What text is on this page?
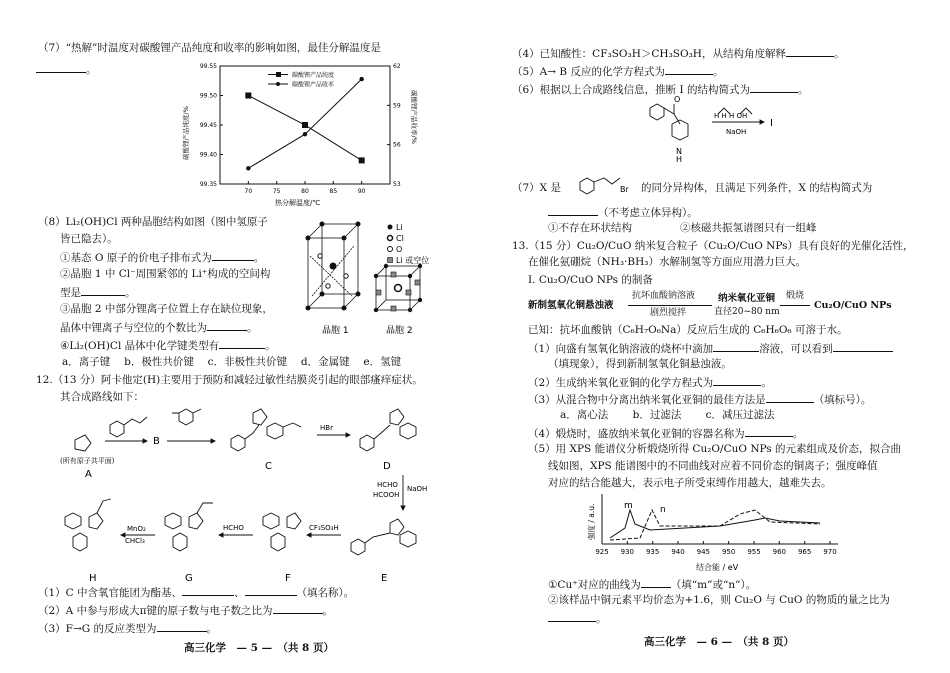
（7）“热解”时温度对碳酸锂产品纯度和收率的影响如图，最佳分解温度是
。	99.55
99.50
99.45
99.40
99.35
62
59
56
53
70	75	80	85	90
碳酸锂产品纯度
碳酸锂产品收率
热分解温度/℃
碳酸锂产品纯度/%	碳酸锂产品收率/%
（8）Li₂(OH)Cl 两种晶胞结构如图（图中氢原子
皆已隐去）。
①基态 O 原子的价电子排布式为	。
②晶胞 1 中 Cl⁻周围紧邻的 Li⁺构成的空间构
型是	。
③晶胞 2 中部分锂离子位置上存在缺位现象，
晶体中锂离子与空位的个数比为	。
④Li₂(OH)Cl 晶体中化学键类型有	。
a．离子键　 b．极性共价键　 c．非极性共价键　 d．金属键　 e．氢键
晶胞 1	晶胞 2
Li
Cl
O
Li 或空位
12.（13 分）阿卡他定(H)主要用于预防和减轻过敏性结膜炎引起的眼部瘙痒症状。
其合成路线如下：
(所有原子共平面)
B
HBr
HCHO
HCOOH
NaOH
CF₃SO₃H
HCHO
MnO₂
CHCl₃
A
C	D
E
F
G
H
（1）C 中含氧官能团为酯基、	、	（填名称）。
（2）A 中参与形成大π键的原子数与电子数之比为	。
（3）F→G 的反应类型为	。
高三化学　— 5 —　（共 8 页）
（4）已知酸性：CF₃SO₃H＞CH₃SO₃H，从结构角度解释	。
（5）A→ B 反应的化学方程式为	。
（6）根据以上合成路线信息，推断 I 的结构简式为	。
N
H
O
H H H OH
NaOH
I
（7）X 是	的同分异构体，且满足下列条件，X 的结构简式为
Br
（不考虑立体异构）。
①不存在环状结构	②核磁共振氢谱图只有一组峰
13.（15 分）Cu₂O/CuO 纳米复合粒子（Cu₂O/CuO NPs）具有良好的光催化活性，
在催化氨硼烷（NH₃·BH₃）水解制氢等方面应用潜力巨大。
I. Cu₂O/CuO NPs 的制备
新制氢氧化铜悬浊液
抗坏血酸钠溶液
剧烈搅拌
纳米氧化亚铜
直径20~80 nm
煅烧
Cu₂O/CuO NPs
已知：抗坏血酸钠（C₆H₇O₆Na）反应后生成的 C₆H₆O₆ 可溶于水。
（1）向盛有氢氧化钠溶液的烧杯中滴加	溶液，可以看到
（填现象），得到新制氢氧化铜悬浊液。
（2）生成纳米氧化亚铜的化学方程式为	。
（3）从混合物中分离出纳米氧化亚铜的最佳方法是	（填标号）。
a．离心法　　 b．过滤法　　 c．减压过滤法
（4）煅烧时，盛放纳米氧化亚铜的容器名称为	。
（5）用 XPS 能谱仪分析煅烧所得 Cu₂O/CuO NPs 的元素组成及价态，拟合曲
线如图，XPS 能谱图中的不同曲线对应着不同价态的铜离子；强度峰值
对应的结合能越大，表示电子所受束缚作用越大，越难失去。
925 930 935 940 945 950 955 960 965 970
m	n
强度 / a.u.
结合能 / eV
①Cu⁺对应的曲线为	（填“m”或“n”）。
②该样品中铜元素平均价态为+1.6，则 Cu₂O 与 CuO 的物质的量之比为
。
高三化学　— 6 —　（共 8 页）
